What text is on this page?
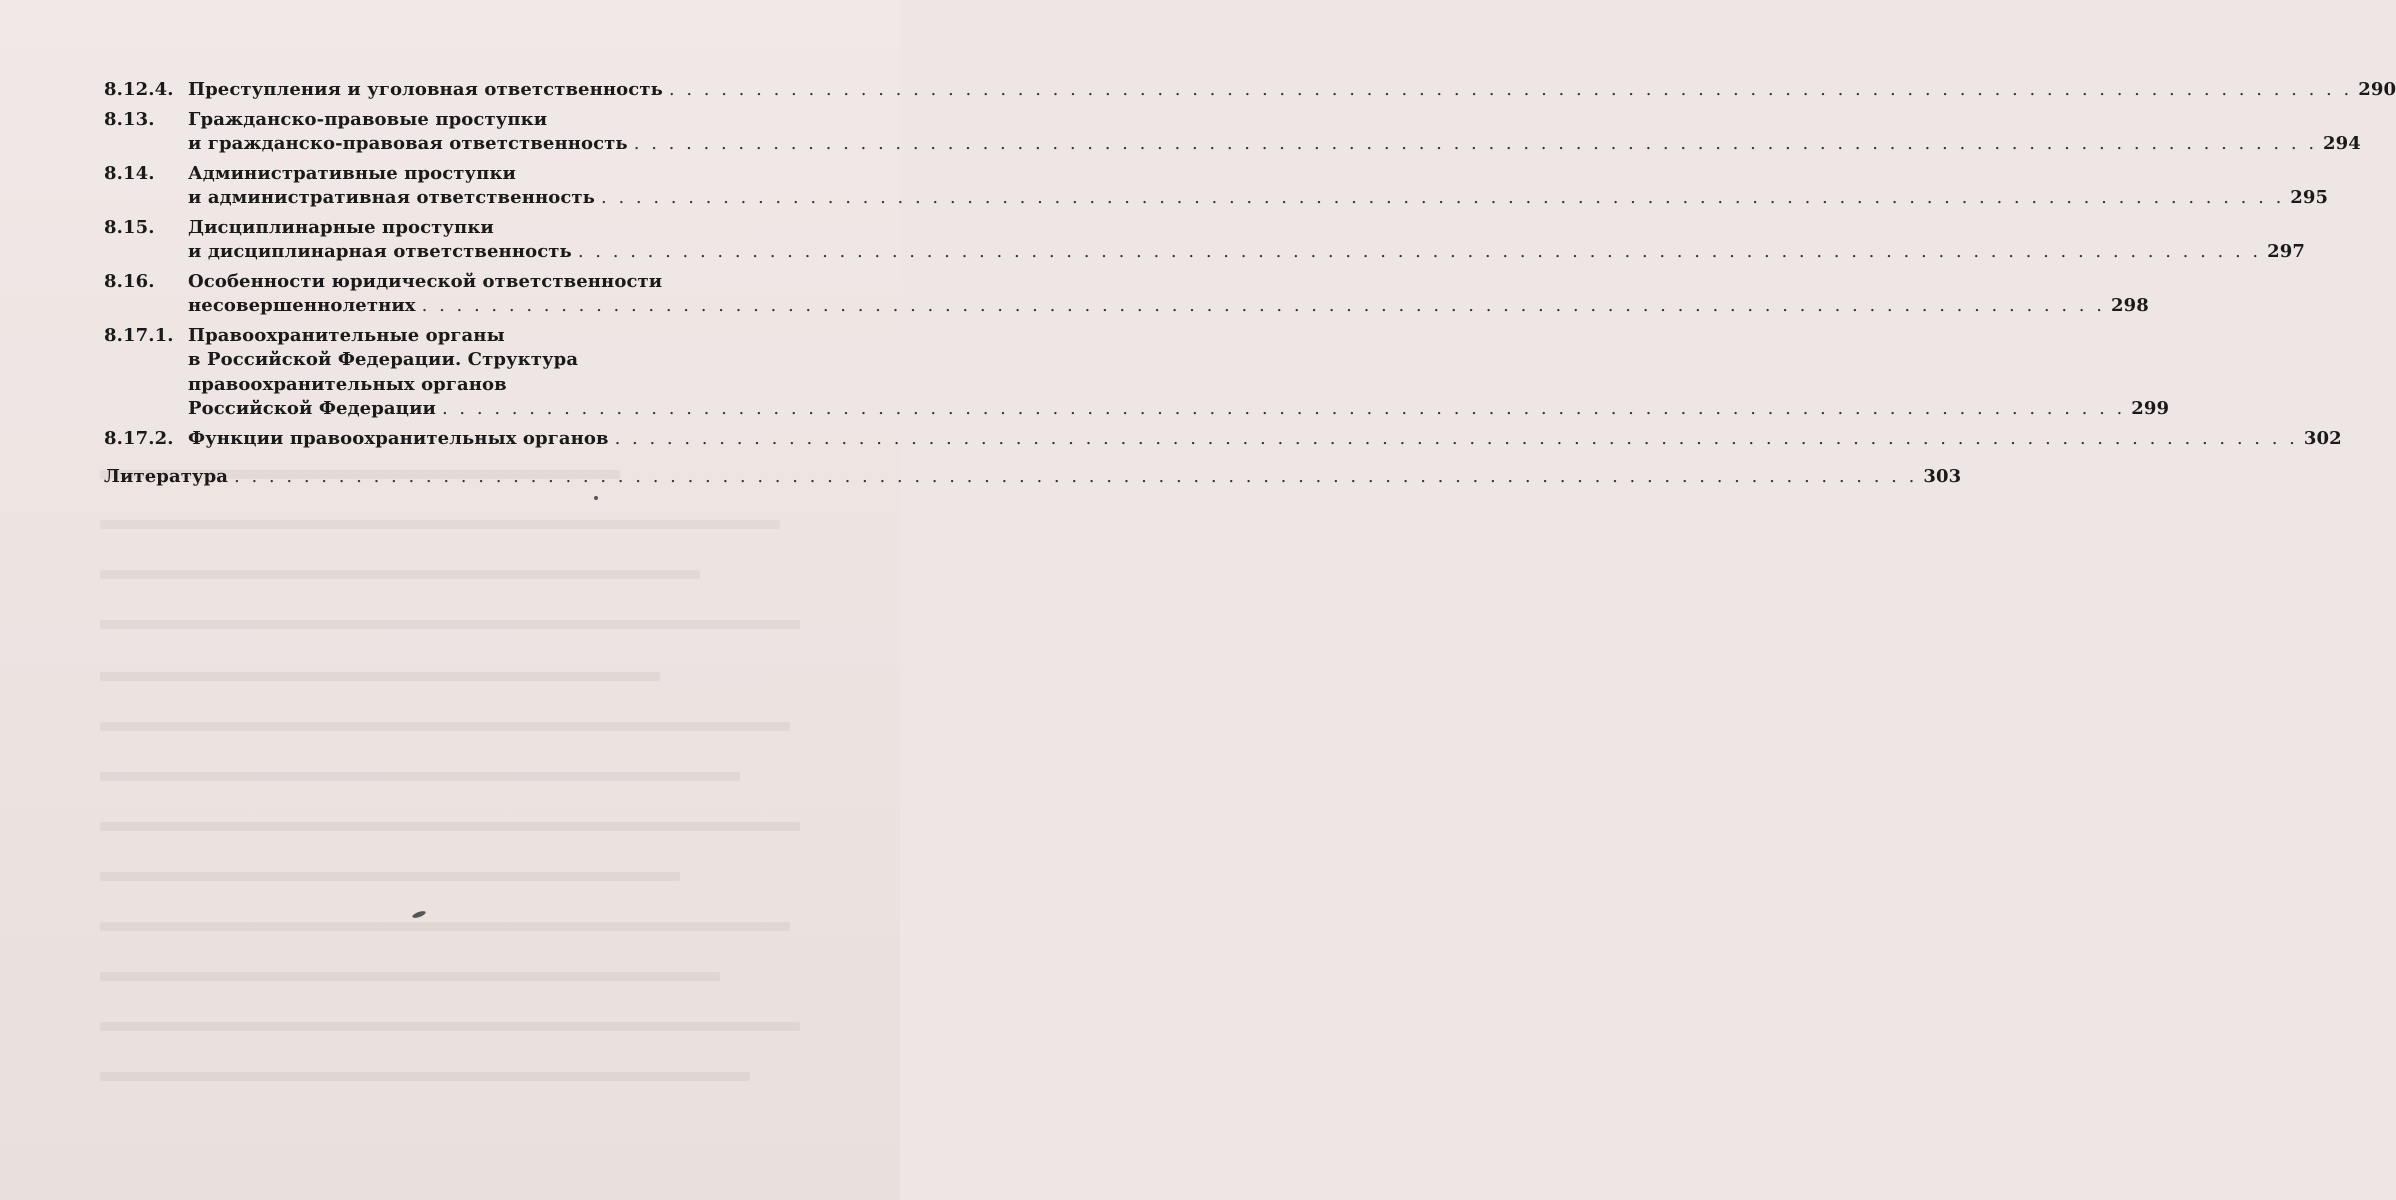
8.12.4. Преступления и уголовная ответственность . . .	290
8.13.	Гражданско-правовые проступки
и гражданско-правовая ответственность . . .	294
8.14.	Административные проступки
и административная ответственность . . .	295
8.15.	Дисциплинарные проступки
и дисциплинарная ответственность . . .	297
8.16.	Особенности юридической ответственности
несовершеннолетних . . .	298
8.17.1. Правоохранительные органы
в Российской Федерации. Структура
правоохранительных органов
Российской Федерации . . .	299
8.17.2. Функции правоохранительных органов . . .	302
Литература . . .	303
